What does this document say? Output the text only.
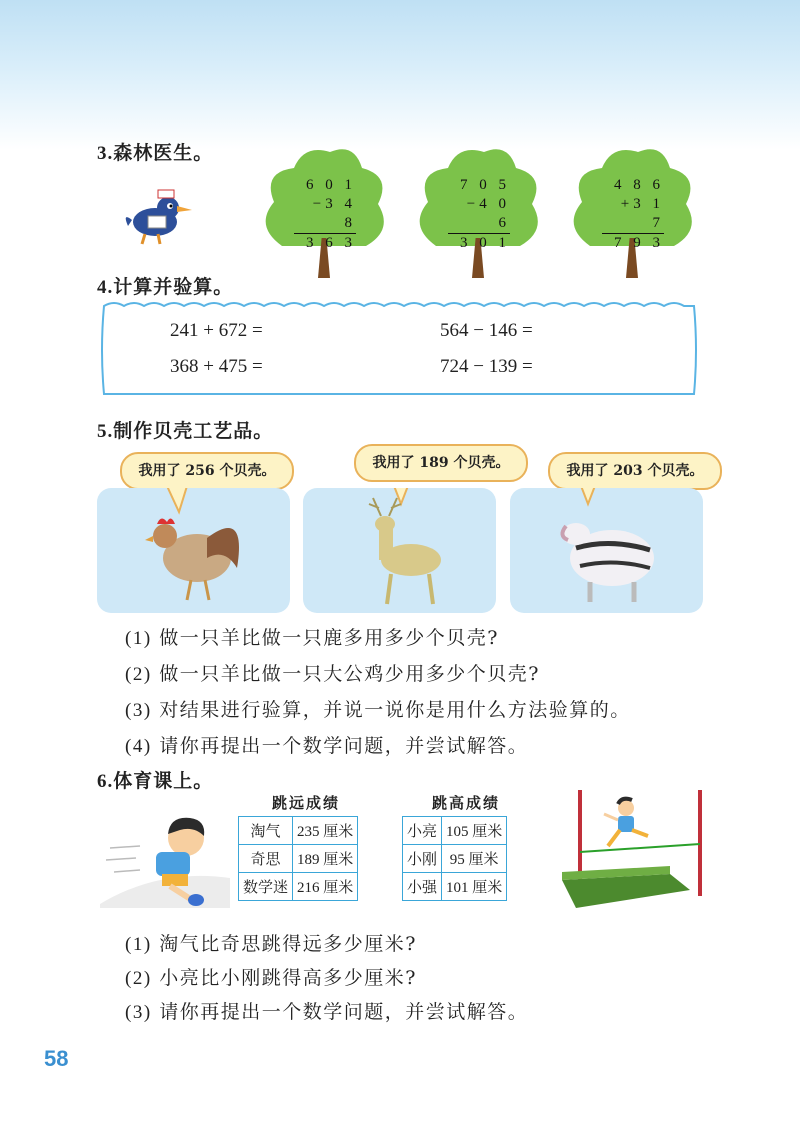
3.森林医生。
6 0 1
−3 4 8
3 6 3
7 0 5
−4 0 6
3 0 1
4 8 6
+3 1 7
7 9 3
4.计算并验算。
241 + 672 =	564 − 146 =
368 + 475 =	724 − 139 =
5.制作贝壳工艺品。
我用了 256 个贝壳。	我用了 189 个贝壳。	我用了 203 个贝壳。
(1) 做一只羊比做一只鹿多用多少个贝壳?
(2) 做一只羊比做一只大公鸡少用多少个贝壳?
(3) 对结果进行验算，并说一说你是用什么方法验算的。
(4) 请你再提出一个数学问题，并尝试解答。
6.体育课上。
跳远成绩
淘气	235 厘米
奇思	189 厘米
数学迷	216 厘米
跳高成绩
小亮	105 厘米
小刚	95 厘米
小强	101 厘米
(1) 淘气比奇思跳得远多少厘米?
(2) 小亮比小刚跳得高多少厘米?
(3) 请你再提出一个数学问题，并尝试解答。
58
